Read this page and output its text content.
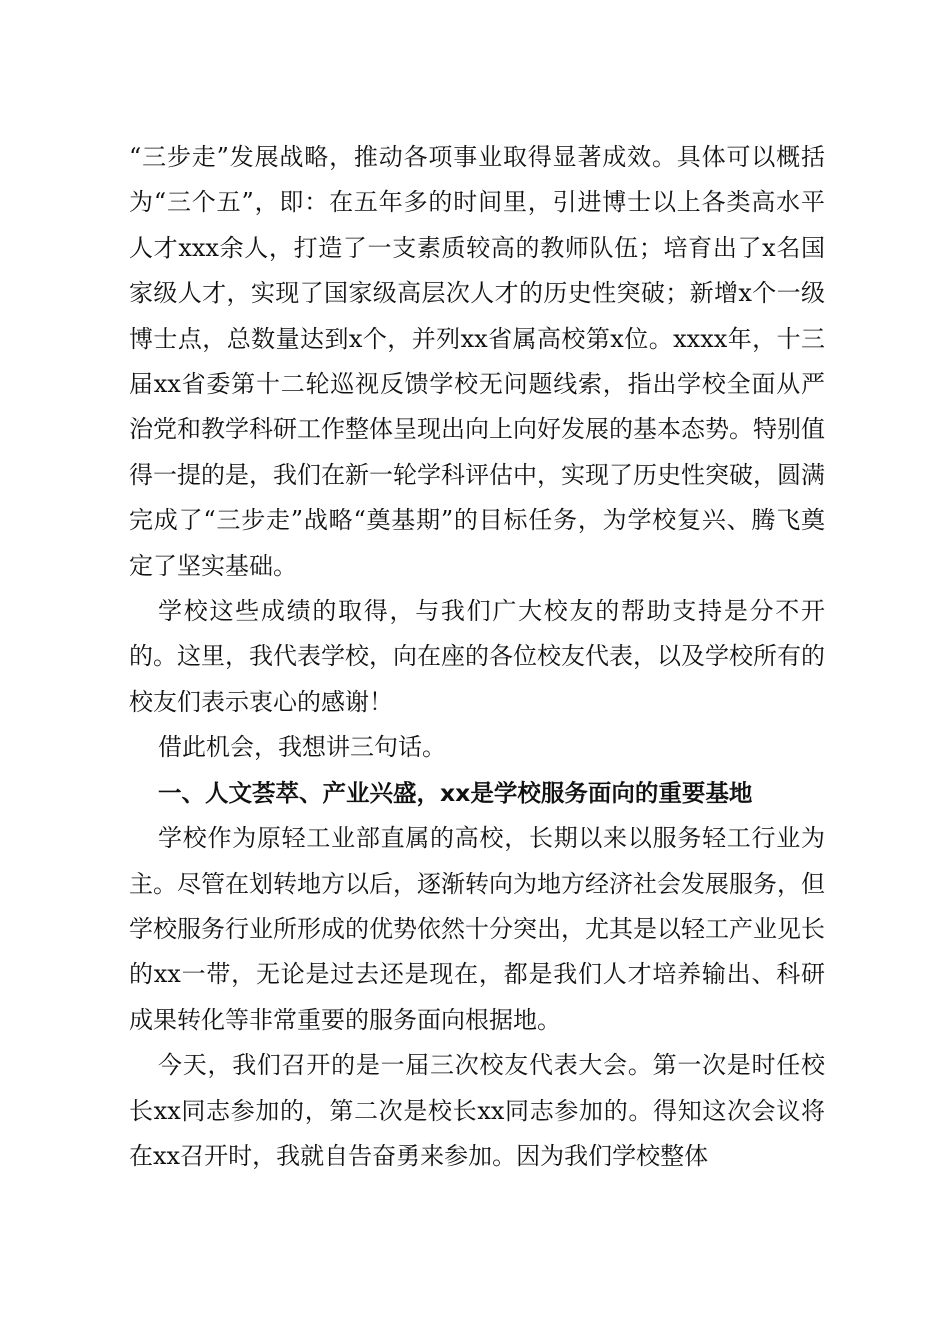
“三步走”发展战略，推动各项事业取得显著成效。具体可以概括为“三个五”，即：在五年多的时间里，引进博士以上各类高水平人才xxx余人，打造了一支素质较高的教师队伍；培育出了x名国家级人才，实现了国家级高层次人才的历史性突破；新增x个一级博士点，总数量达到x个，并列xx省属高校第x位。xxxx年，十三届xx省委第十二轮巡视反馈学校无问题线索，指出学校全面从严治党和教学科研工作整体呈现出向上向好发展的基本态势。特别值得一提的是，我们在新一轮学科评估中，实现了历史性突破，圆满完成了“三步走”战略“奠基期”的目标任务，为学校复兴、腾飞奠定了坚实基础。

学校这些成绩的取得，与我们广大校友的帮助支持是分不开的。这里，我代表学校，向在座的各位校友代表，以及学校所有的校友们表示衷心的感谢！

借此机会，我想讲三句话。

一、人文荟萃、产业兴盛，xx是学校服务面向的重要基地

学校作为原轻工业部直属的高校，长期以来以服务轻工行业为主。尽管在划转地方以后，逐渐转向为地方经济社会发展服务，但学校服务行业所形成的优势依然十分突出，尤其是以轻工产业见长的xx一带，无论是过去还是现在，都是我们人才培养输出、科研成果转化等非常重要的服务面向根据地。

今天，我们召开的是一届三次校友代表大会。第一次是时任校长xx同志参加的，第二次是校长xx同志参加的。得知这次会议将在xx召开时，我就自告奋勇来参加。因为我们学校整体
